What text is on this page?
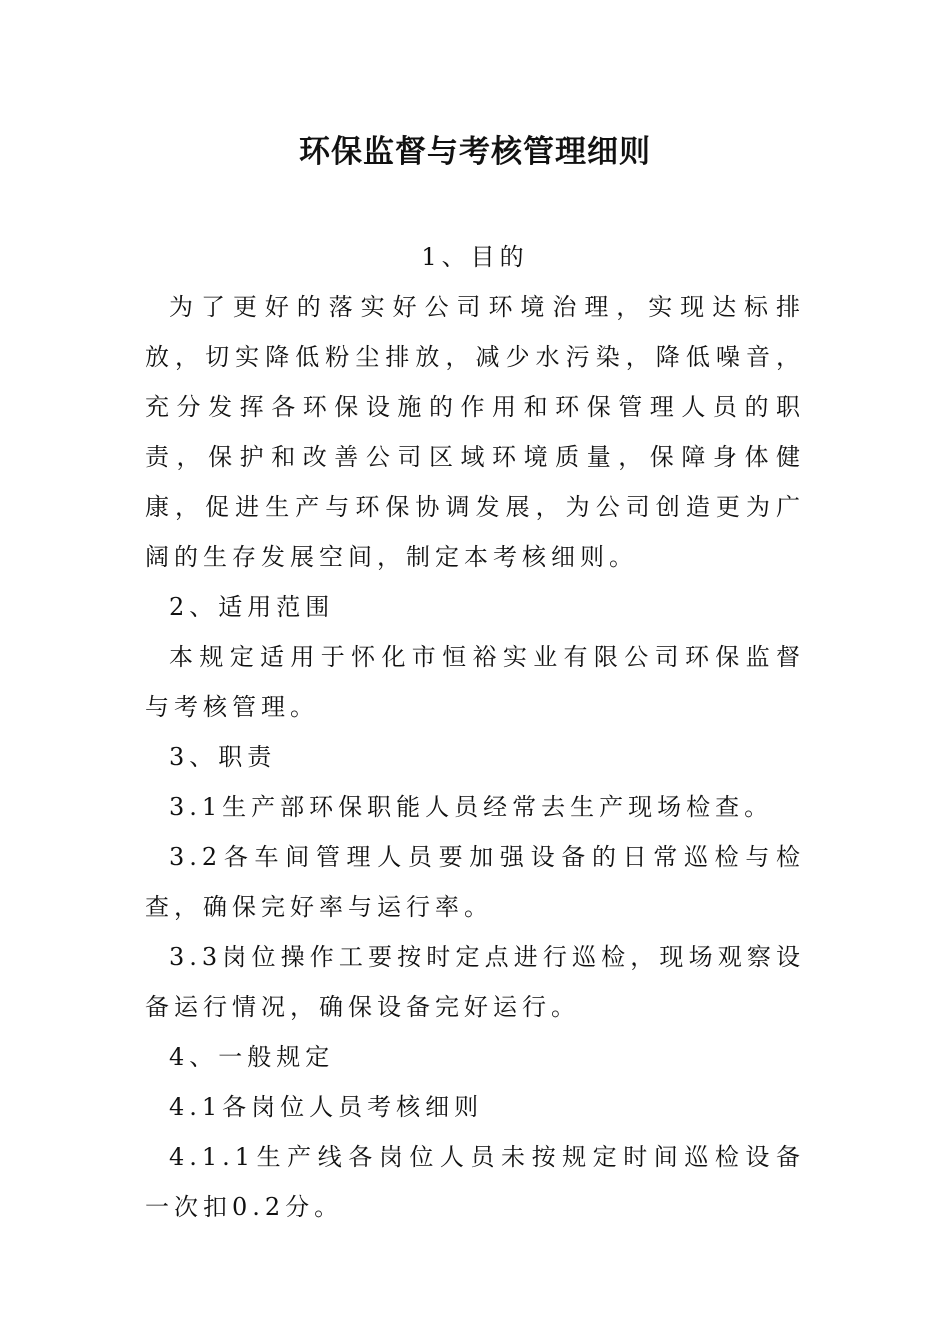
环保监督与考核管理细则

1、目的

为了更好的落实好公司环境治理，实现达标排放，切实降低粉尘排放，减少水污染，降低噪音，充分发挥各环保设施的作用和环保管理人员的职责，保护和改善公司区域环境质量，保障身体健康，促进生产与环保协调发展，为公司创造更为广阔的生存发展空间，制定本考核细则。

2、适用范围

本规定适用于怀化市恒裕实业有限公司环保监督与考核管理。

3、职责

3.1生产部环保职能人员经常去生产现场检查。

3.2各车间管理人员要加强设备的日常巡检与检查，确保完好率与运行率。

3.3岗位操作工要按时定点进行巡检，现场观察设备运行情况，确保设备完好运行。

4、一般规定

4.1各岗位人员考核细则

4.1.1生产线各岗位人员未按规定时间巡检设备一次扣0.2分。
